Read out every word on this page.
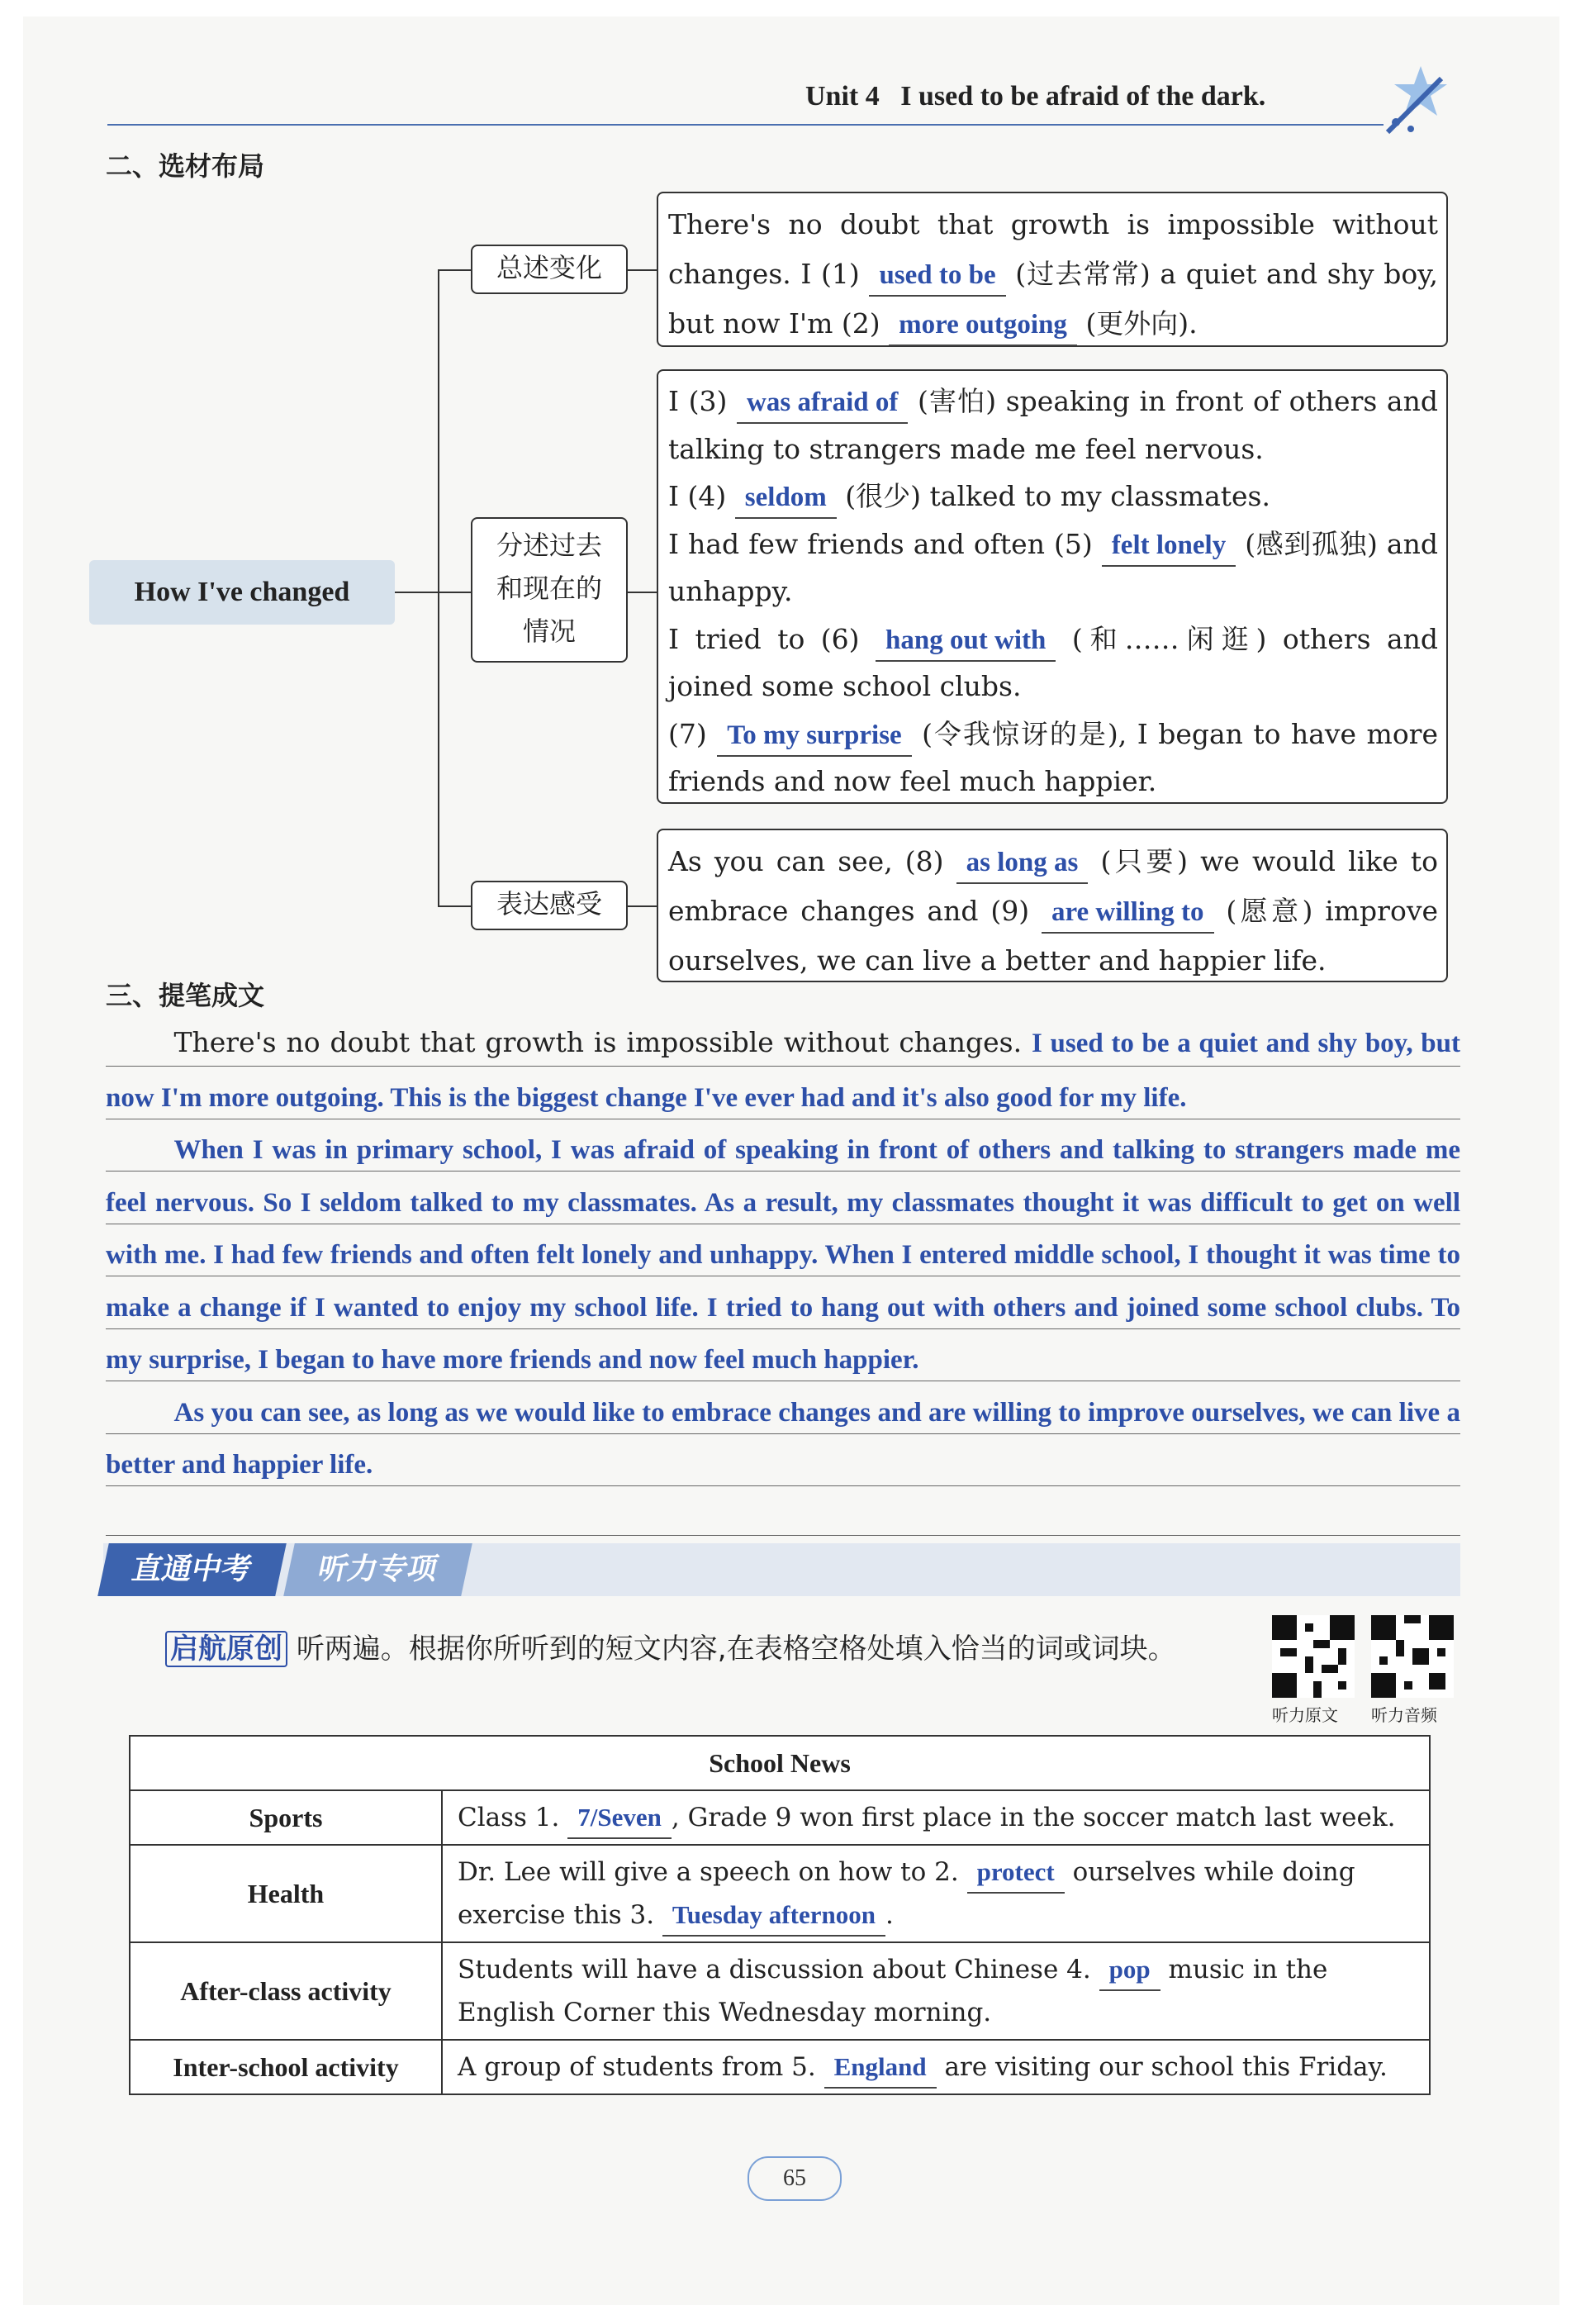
Unit 4 I used to be afraid of the dark.
二、选材布局
How I've changed
总述变化
分述过去
和现在的
情况
表达感受
There's no doubt that growth is impossible without changes. I (1) used to be (过去常常) a quiet and shy boy, but now I'm (2) more outgoing (更外向).
I (3) was afraid of (害怕) speaking in front of others and talking to strangers made me feel nervous.
I (4) seldom (很少) talked to my classmates.
I had few friends and often (5) felt lonely (感到孤独) and unhappy.
I tried to (6) hang out with (和……闲逛) others and joined some school clubs.
(7) To my surprise (令我惊讶的是), I began to have more friends and now feel much happier.
As you can see, (8) as long as (只要) we would like to embrace changes and (9) are willing to (愿意) improve ourselves, we can live a better and happier life.
三、提笔成文

There's no doubt that growth is impossible without changes. I used to be a quiet and shy boy, but now I'm more outgoing. This is the biggest change I've ever had and it's also good for my life.

When I was in primary school, I was afraid of speaking in front of others and talking to strangers made me feel nervous. So I seldom talked to my classmates. As a result, my classmates thought it was difficult to get on well with me. I had few friends and often felt lonely and unhappy. When I entered middle school, I thought it was time to make a change if I wanted to enjoy my school life. I tried to hang out with others and joined some school clubs. To my surprise, I began to have more friends and now feel much happier.

As you can see, as long as we would like to embrace changes and are willing to improve ourselves, we can live a better and happier life.

直通中考	听力专项
启航原创 听两遍。根据你所听到的短文内容,在表格空格处填入恰当的词或词块。
听力原文 听力音频
School News	
Sports	Class 1. 7/Seven , Grade 9 won first place in the soccer match last week.
Health	Dr. Lee will give a speech on how to 2. protect ourselves while doing exercise this 3. Tuesday afternoon .
After-class activity	Students will have a discussion about Chinese 4. pop music in the English Corner this Wednesday morning.
Inter-school activity	A group of students from 5. England are visiting our school this Friday.
65
